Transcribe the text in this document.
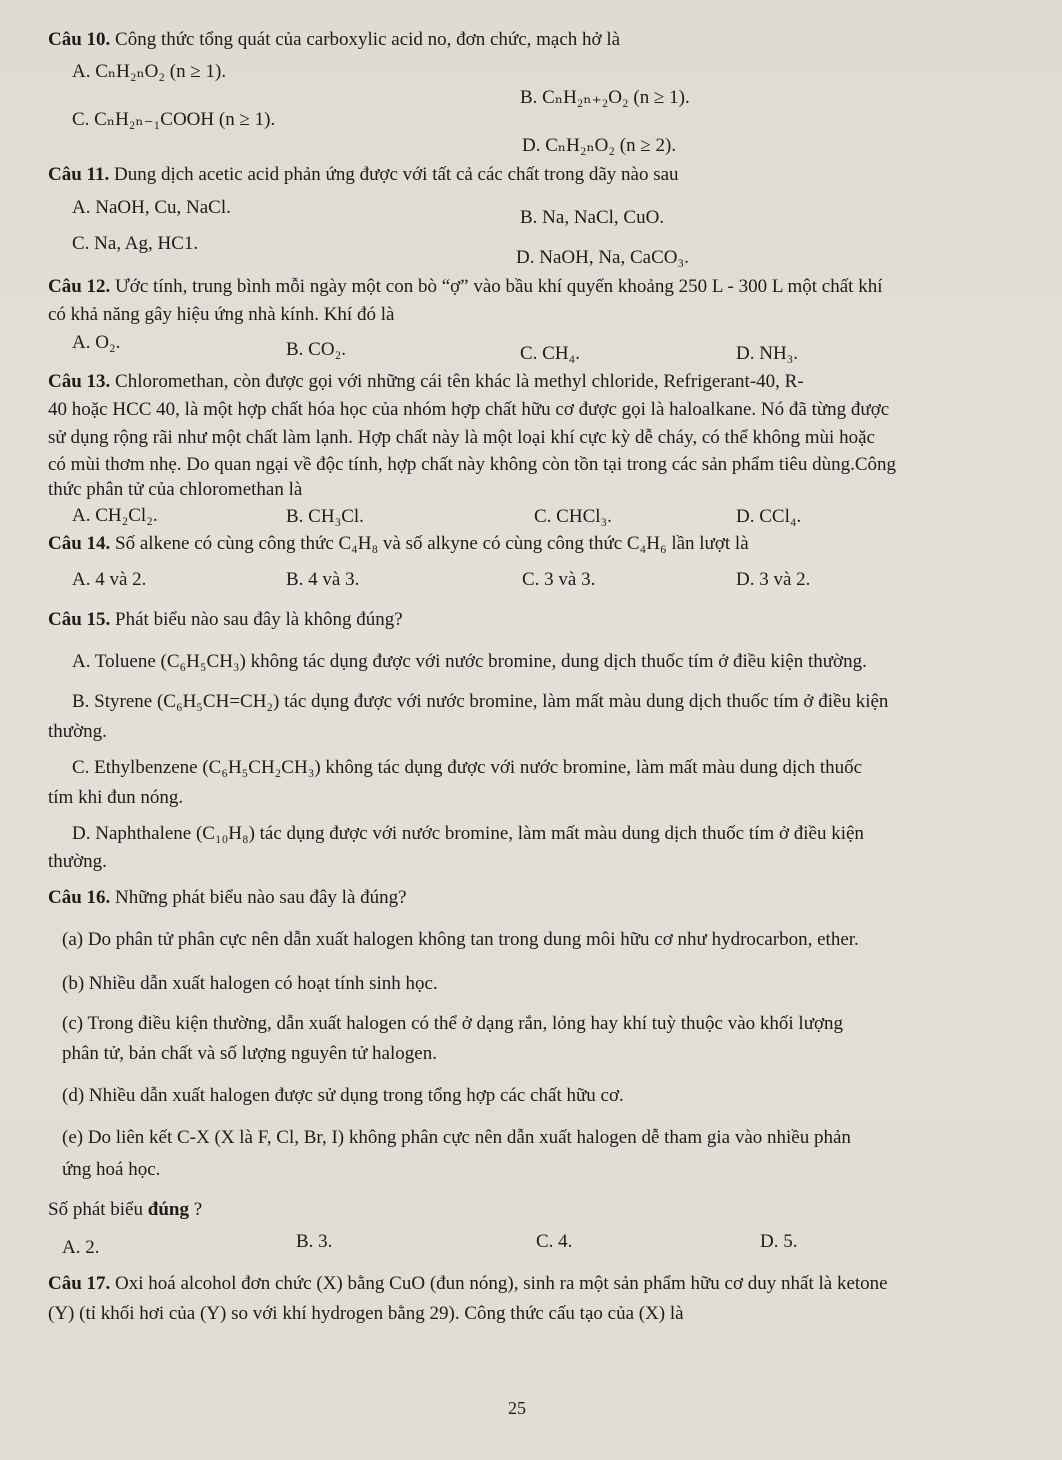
Câu 10. Công thức tổng quát của carboxylic acid no, đơn chức, mạch hở là
A. CₙH₂ₙO₂ (n ≥ 1).
B. CₙH₂ₙ₊₂O₂ (n ≥ 1).
C. CₙH₂ₙ₋₁COOH (n ≥ 1).
D. CₙH₂ₙO₂ (n ≥ 2).
Câu 11. Dung dịch acetic acid phản ứng được với tất cả các chất trong dãy nào sau
A. NaOH, Cu, NaCl.	B. Na, NaCl, CuO.
C. Na, Ag, HC1.
D. NaOH, Na, CaCO₃.
Câu 12. Ước tính, trung bình mỗi ngày một con bò “ợ” vào bầu khí quyển khoảng 250 L - 300 L một chất khí
có khả năng gây hiệu ứng nhà kính. Khí đó là
A. O₂.	B. CO₂.	C. CH₄.	D. NH₃.
Câu 13. Chloromethan, còn được gọi với những cái tên khác là methyl chloride, Refrigerant-40, R-
40 hoặc HCC 40, là một hợp chất hóa học của nhóm hợp chất hữu cơ được gọi là haloalkane. Nó đã từng được
sử dụng rộng rãi như một chất làm lạnh. Hợp chất này là một loại khí cực kỳ dễ cháy, có thể không mùi hoặc
có mùi thơm nhẹ. Do quan ngại về độc tính, hợp chất này không còn tồn tại trong các sản phẩm tiêu dùng.Công
thức phân tử của chloromethan là
A. CH₂Cl₂.	B. CH₃Cl.	C. CHCl₃.	D. CCl₄.
Câu 14. Số alkene có cùng công thức C₄H₈ và số alkyne có cùng công thức C₄H₆ lần lượt là
A. 4 và 2.	B. 4 và 3.	C. 3 và 3.	D. 3 và 2.
Câu 15. Phát biểu nào sau đây là không đúng?
A. Toluene (C₆H₅CH₃) không tác dụng được với nước bromine, dung dịch thuốc tím ở điều kiện thường.
B. Styrene (C₆H₅CH=CH₂) tác dụng được với nước bromine, làm mất màu dung dịch thuốc tím ở điều kiện
thường.
C. Ethylbenzene (C₆H₅CH₂CH₃) không tác dụng được với nước bromine, làm mất màu dung dịch thuốc
tím khi đun nóng.
D. Naphthalene (C₁₀H₈) tác dụng được với nước bromine, làm mất màu dung dịch thuốc tím ở điều kiện
thường.
Câu 16. Những phát biểu nào sau đây là đúng?
(a) Do phân tử phân cực nên dẫn xuất halogen không tan trong dung môi hữu cơ như hydrocarbon, ether.
(b) Nhiều dẫn xuất halogen có hoạt tính sinh học.
(c) Trong điều kiện thường, dẫn xuất halogen có thể ở dạng rắn, lỏng hay khí tuỳ thuộc vào khối lượng
phân tử, bản chất và số lượng nguyên tử halogen.
(d) Nhiều dẫn xuất halogen được sử dụng trong tổng hợp các chất hữu cơ.
(e) Do liên kết C-X (X là F, Cl, Br, I) không phân cực nên dẫn xuất halogen dễ tham gia vào nhiều phản
ứng hoá học.
Số phát biểu đúng ?
A. 2.	B. 3.	C. 4.	D. 5.
Câu 17. Oxi hoá alcohol đơn chức (X) bằng CuO (đun nóng), sinh ra một sản phẩm hữu cơ duy nhất là ketone
(Y) (tỉ khối hơi của (Y) so với khí hydrogen bằng 29). Công thức cấu tạo của (X) là
25
